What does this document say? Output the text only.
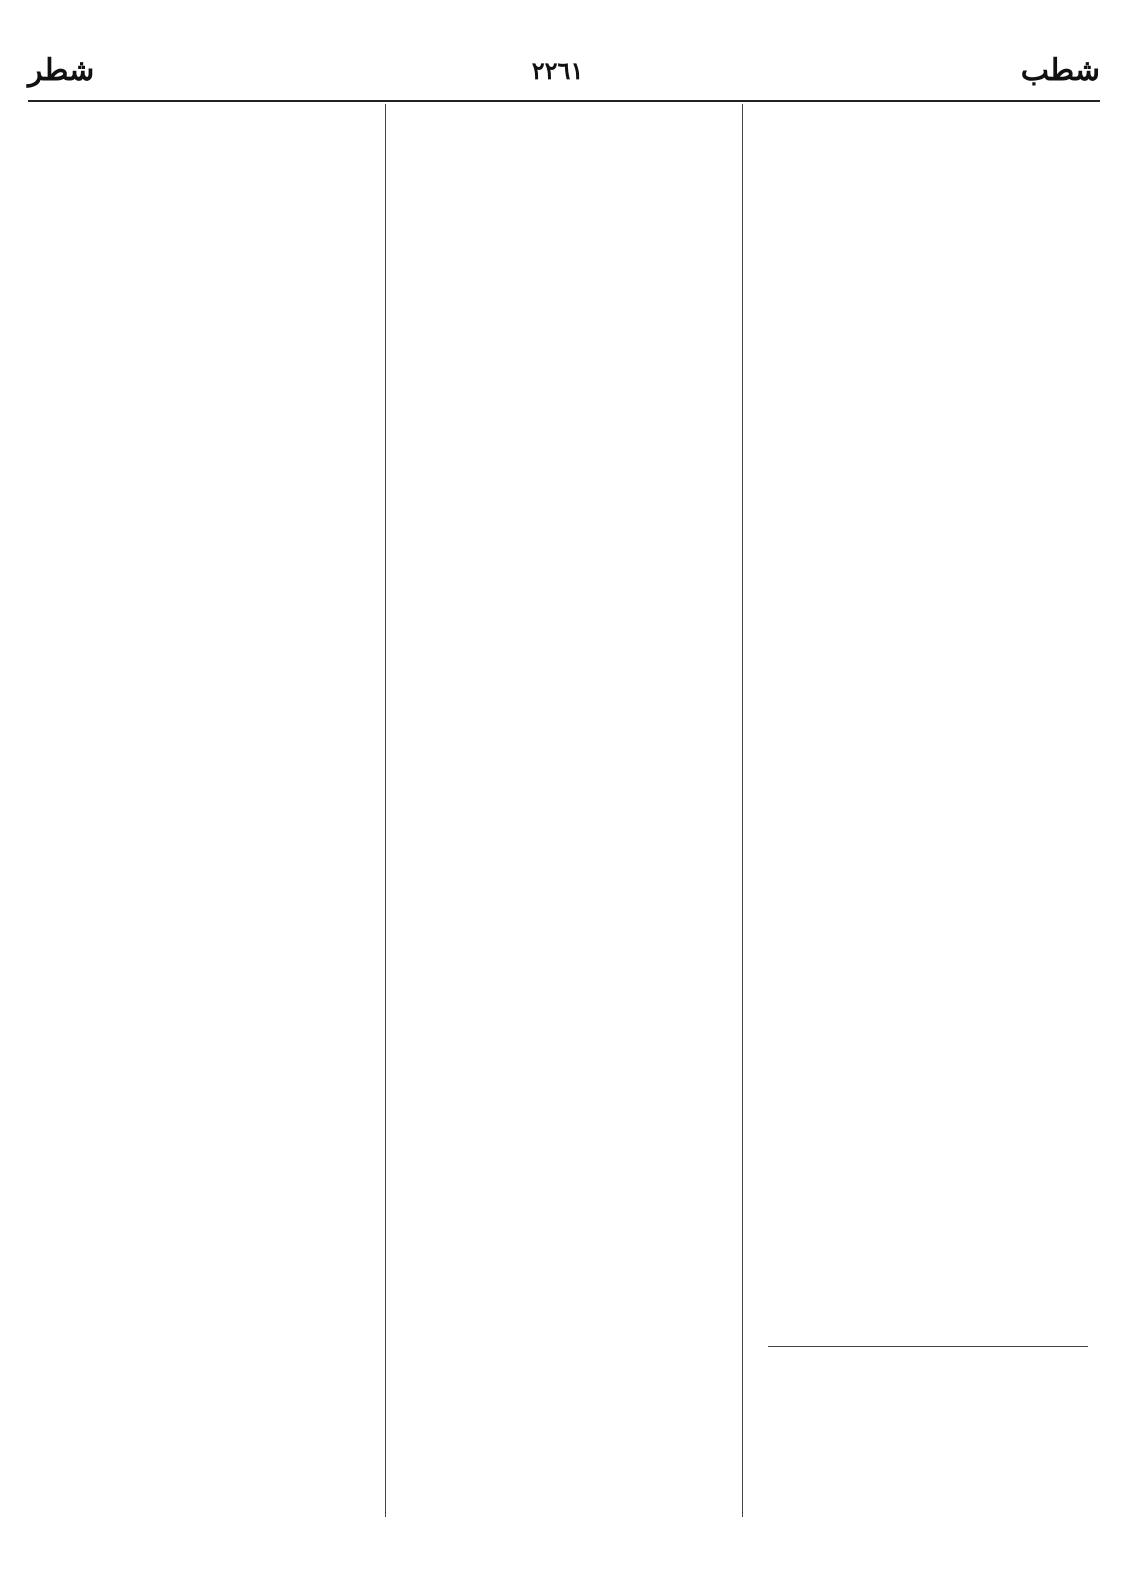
شطب
٢٢٦١
شطر
